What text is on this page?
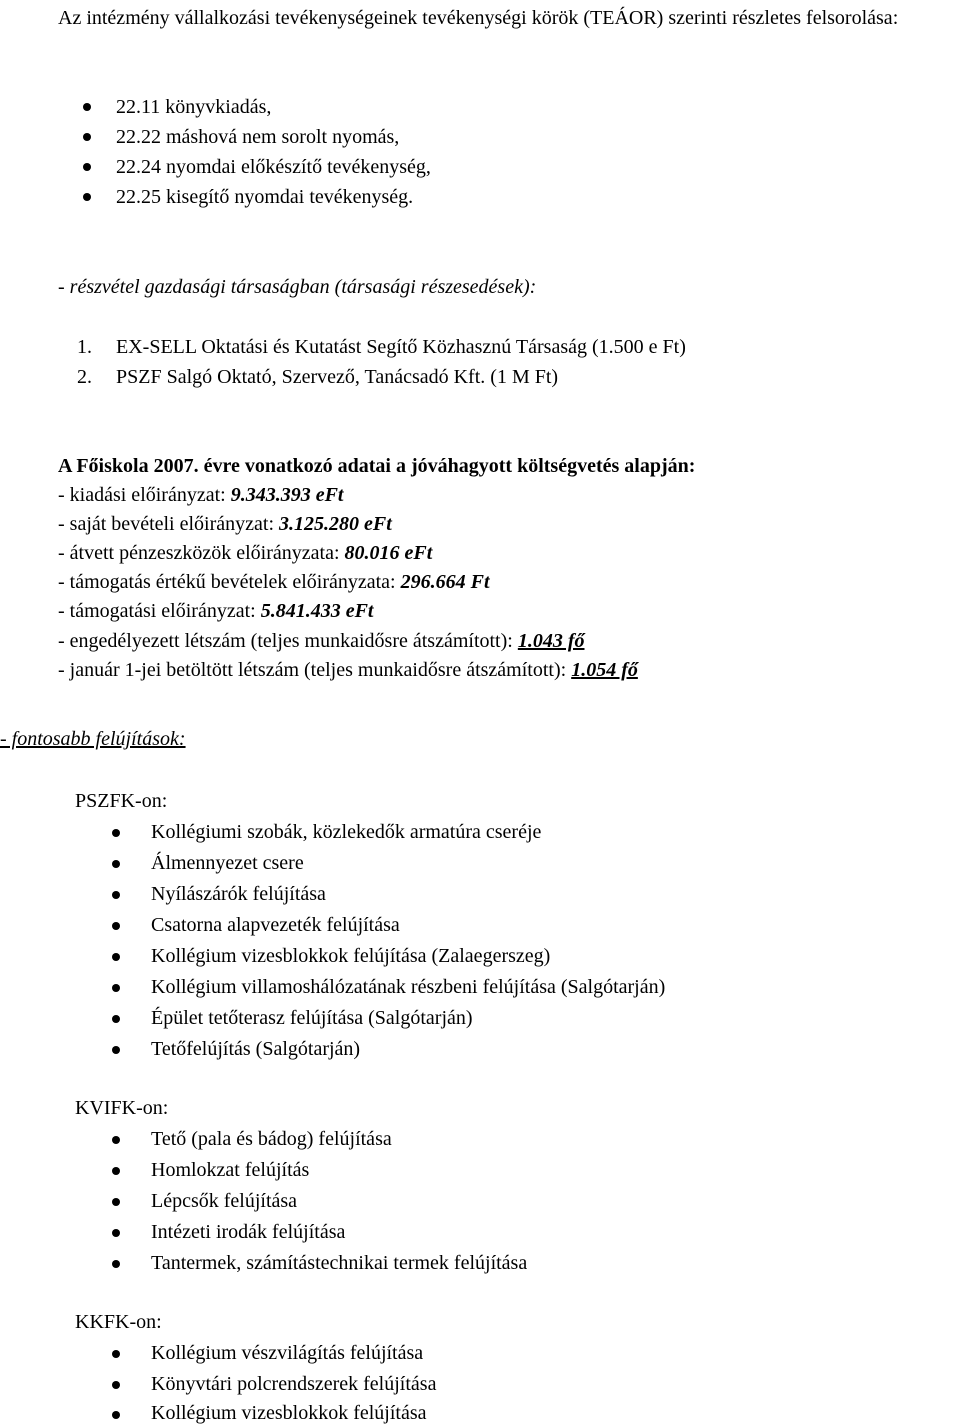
Az intézmény vállalkozási tevékenységeinek tevékenységi körök (TEÁOR) szerinti részletes felsorolása:
22.11 könyvkiadás,
22.22 máshová nem sorolt nyomás,
22.24 nyomdai előkészítő tevékenység,
22.25 kisegítő nyomdai tevékenység.
- részvétel gazdasági társaságban (társasági részesedések):
1. EX-SELL Oktatási és Kutatást Segítő Közhasznú Társaság (1.500 e Ft)
2. PSZF Salgó Oktató, Szervező, Tanácsadó Kft. (1 M Ft)
A Főiskola 2007. évre vonatkozó adatai a jóváhagyott költségvetés alapján:
- kiadási előirányzat: 9.343.393 eFt
- saját bevételi előirányzat: 3.125.280 eFt
- átvett pénzeszközök előirányzata: 80.016 eFt
- támogatás értékű bevételek előirányzata: 296.664 Ft
- támogatási előirányzat: 5.841.433 eFt
- engedélyezett létszám (teljes munkaidősre átszámított): 1.043 fő
- január 1-jei betöltött létszám (teljes munkaidősre átszámított): 1.054 fő
- fontosabb felújítások:
PSZFK-on:
Kollégiumi szobák, közlekedők armatúra cseréje
Álmennyezet csere
Nyílászárók felújítása
Csatorna alapvezeték felújítása
Kollégium vizesblokkok felújítása (Zalaegerszeg)
Kollégium villamoshálózatának részbeni felújítása (Salgótarján)
Épület tetőterasz felújítása (Salgótarján)
Tetőfelújítás (Salgótarján)
KVIFK-on:
Tető (pala és bádog) felújítása
Homlokzat felújítás
Lépcsők felújítása
Intézeti irodák felújítása
Tantermek, számítástechnikai termek felújítása
KKFK-on:
Kollégium vészvilágítás felújítása
Könyvtári polcrendszerek felújítása
Kollégium vizesblokkok felújítása
